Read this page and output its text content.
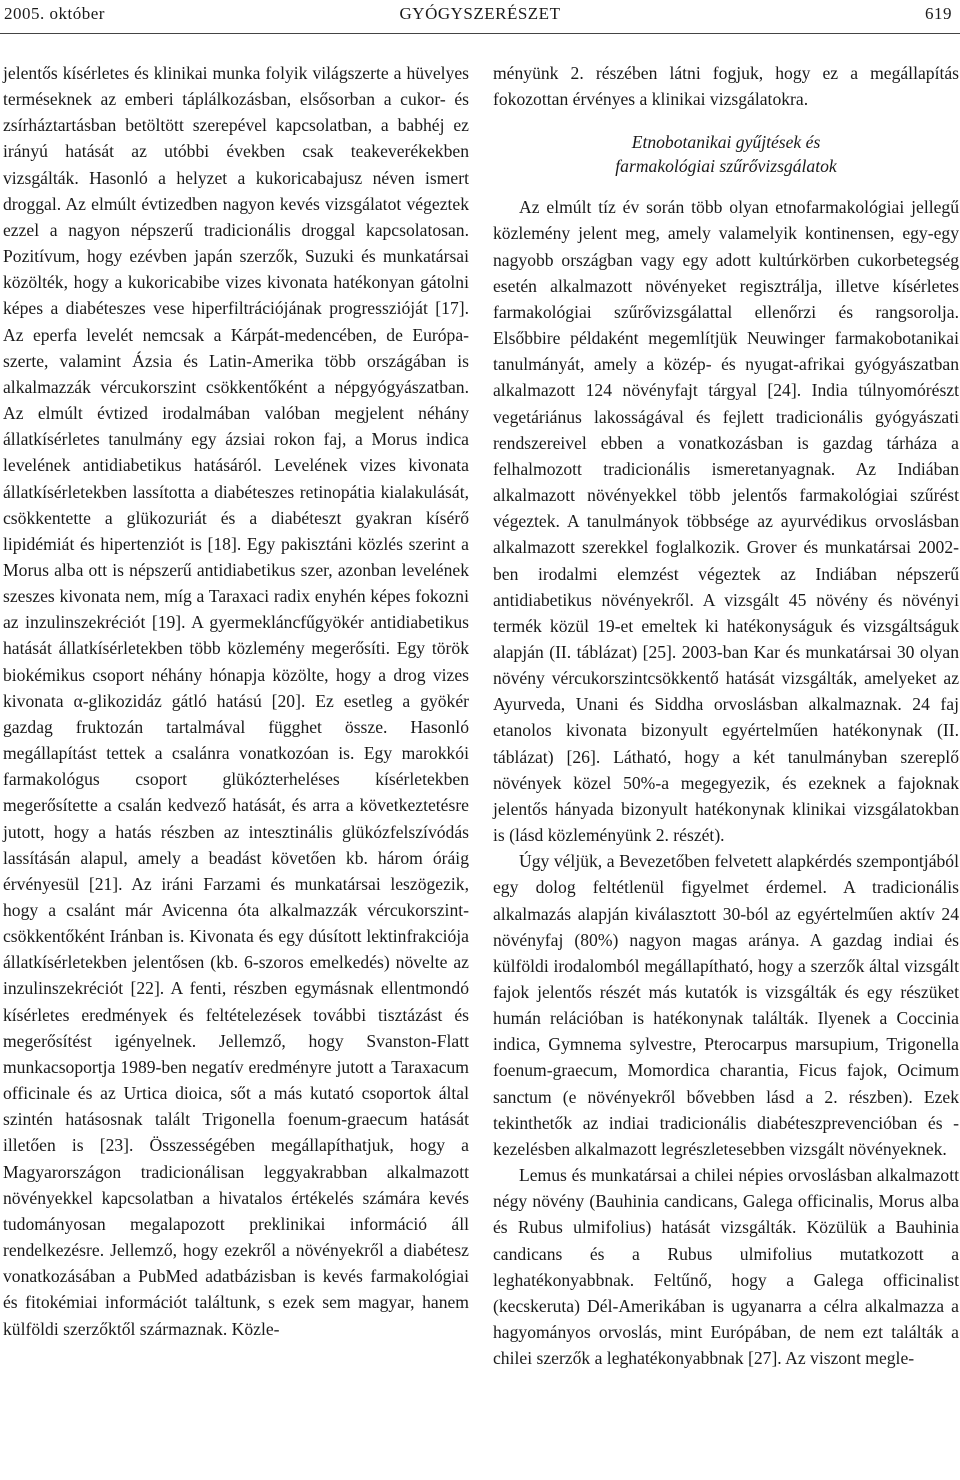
2005. október	GYÓGYSZERÉSZET	619

jelentős kísérletes és klinikai munka folyik világszerte a hüvelyes terméseknek az emberi táplálkozásban, elsősorban a cukor- és zsírháztartásban betöltött szerepével kapcsolatban, a babhéj ez irányú hatását az utóbbi években csak teakeverékekben vizsgálták. Hasonló a helyzet a kukoricabajusz néven ismert droggal. Az elmúlt évtizedben nagyon kevés vizsgálatot végeztek ezzel a nagyon népszerű tradicionális droggal kapcsolatosan. Pozitívum, hogy ezévben japán szerzők, Suzuki és munkatársai közölték, hogy a kukoricabibe vizes kivonata hatékonyan gátolni képes a diabéteszes vese hiperfiltrációjának progresszióját [17]. Az eperfa levelét nemcsak a Kárpát-medencében, de Európa-szerte, valamint Ázsia és Latin-Amerika több országában is alkalmazzák vércukorszint csökkentőként a népgyógyászatban. Az elmúlt évtized irodalmában valóban megjelent néhány állatkísérletes tanulmány egy ázsiai rokon faj, a Morus indica levelének antidiabetikus hatásáról. Levelének vizes kivonata állatkísérletekben lassította a diabéteszes retinopátia kialakulását, csökkentette a glükozuriát és a diabéteszt gyakran kísérő lipidémiát és hipertenziót is [18]. Egy pakisztáni közlés szerint a Morus alba ott is népszerű antidiabetikus szer, azonban levelének szeszes kivonata nem, míg a Taraxaci radix enyhén képes fokozni az inzulinszekréciót [19]. A gyermekláncfűgyökér antidiabetikus hatását állatkísérletekben több közlemény megerősíti. Egy török biokémikus csoport néhány hónapja közölte, hogy a drog vizes kivonata α-glikozidáz gátló hatású [20]. Ez esetleg a gyökér gazdag fruktozán tartalmával függhet össze. Hasonló megállapítást tettek a csalánra vonatkozóan is. Egy marokkói farmakológus csoport glükózterheléses kísérletekben megerősítette a csalán kedvező hatását, és arra a következtetésre jutott, hogy a hatás részben az intesztinális glükózfelszívódás lassításán alapul, amely a beadást követően kb. három óráig érvényesül [21]. Az iráni Farzami és munkatársai leszögezik, hogy a csalánt már Avicenna óta alkalmazzák vércukorszint-csökkentőként Iránban is. Kivonata és egy dúsított lektinfrakciója állatkísérletekben jelentősen (kb. 6-szoros emelkedés) növelte az inzulinszekréciót [22]. A fenti, részben egymásnak ellentmondó kísérletes eredmények és feltételezések további tisztázást és megerősítést igényelnek. Jellemző, hogy Svanston-Flatt munkacsoportja 1989-ben negatív eredményre jutott a Taraxacum officinale és az Urtica dioica, sőt a más kutató csoportok által szintén hatásosnak talált Trigonella foenum-graecum hatását illetően is [23]. Összességében megállapíthatjuk, hogy a Magyarországon tradicionálisan leggyakrabban alkalmazott növényekkel kapcsolatban a hivatalos értékelés számára kevés tudományosan megalapozott preklinikai információ áll rendelkezésre. Jellemző, hogy ezekről a növényekről a diabétesz vonatkozásában a PubMed adatbázisban is kevés farmakológiai és fitokémiai információt találtunk, s ezek sem magyar, hanem külföldi szerzőktől származnak. Közle-

ményünk 2. részében látni fogjuk, hogy ez a megállapítás fokozottan érvényes a klinikai vizsgálatokra.

Etnobotanikai gyűjtések és
farmakológiai szűrővizsgálatok

Az elmúlt tíz év során több olyan etnofarmakológiai jellegű közlemény jelent meg, amely valamelyik kontinensen, egy-egy nagyobb országban vagy egy adott kultúrkörben cukorbetegség esetén alkalmazott növényeket regisztrálja, illetve kísérletes farmakológiai szűrővizsgálattal ellenőrzi és rangsorolja. Elsőbbire példaként megemlítjük Neuwinger farmakobotanikai tanulmányát, amely a közép- és nyugat-afrikai gyógyászatban alkalmazott 124 növényfajt tárgyal [24]. India túlnyomórészt vegetáriánus lakosságával és fejlett tradicionális gyógyászati rendszereivel ebben a vonatkozásban is gazdag tárháza a felhalmozott tradicionális ismeretanyagnak. Az Indiában alkalmazott növényekkel több jelentős farmakológiai szűrést végeztek. A tanulmányok többsége az ayurvédikus orvoslásban alkalmazott szerekkel foglalkozik. Grover és munkatársai 2002-ben irodalmi elemzést végeztek az Indiában népszerű antidiabetikus növényekről. A vizsgált 45 növény és növényi termék közül 19-et emeltek ki hatékonyságuk és vizsgáltságuk alapján (II. táblázat) [25]. 2003-ban Kar és munkatársai 30 olyan növény vércukorszintcsökkentő hatását vizsgálták, amelyeket az Ayurveda, Unani és Siddha orvoslásban alkalmaznak. 24 faj etanolos kivonata bizonyult egyértelműen hatékonynak (II. táblázat) [26]. Látható, hogy a két tanulmányban szereplő növények közel 50%-a megegyezik, és ezeknek a fajoknak jelentős hányada bizonyult hatékonynak klinikai vizsgálatokban is (lásd közleményünk 2. részét).

Úgy véljük, a Bevezetőben felvetett alapkérdés szempontjából egy dolog feltétlenül figyelmet érdemel. A tradicionális alkalmazás alapján kiválasztott 30-ból az egyértelműen aktív 24 növényfaj (80%) nagyon magas aránya. A gazdag indiai és külföldi irodalomból megállapítható, hogy a szerzők által vizsgált fajok jelentős részét más kutatók is vizsgálták és egy részüket humán relációban is hatékonynak találták. Ilyenek a Coccinia indica, Gymnema sylvestre, Pterocarpus marsupium, Trigonella foenum-graecum, Momordica charantia, Ficus fajok, Ocimum sanctum (e növényekről bővebben lásd a 2. részben). Ezek tekinthetők az indiai tradicionális diabéteszprevencióban és -kezelésben alkalmazott legrészletesebben vizsgált növényeknek.

Lemus és munkatársai a chilei népies orvoslásban alkalmazott négy növény (Bauhinia candicans, Galega officinalis, Morus alba és Rubus ulmifolius) hatását vizsgálták. Közülük a Bauhinia candicans és a Rubus ulmifolius mutatkozott a leghatékonyabbnak. Feltűnő, hogy a Galega officinalist (kecskeruta) Dél-Amerikában is ugyanarra a célra alkalmazza a hagyományos orvoslás, mint Európában, de nem ezt találták a chilei szerzők a leghatékonyabbnak [27]. Az viszont megle-
